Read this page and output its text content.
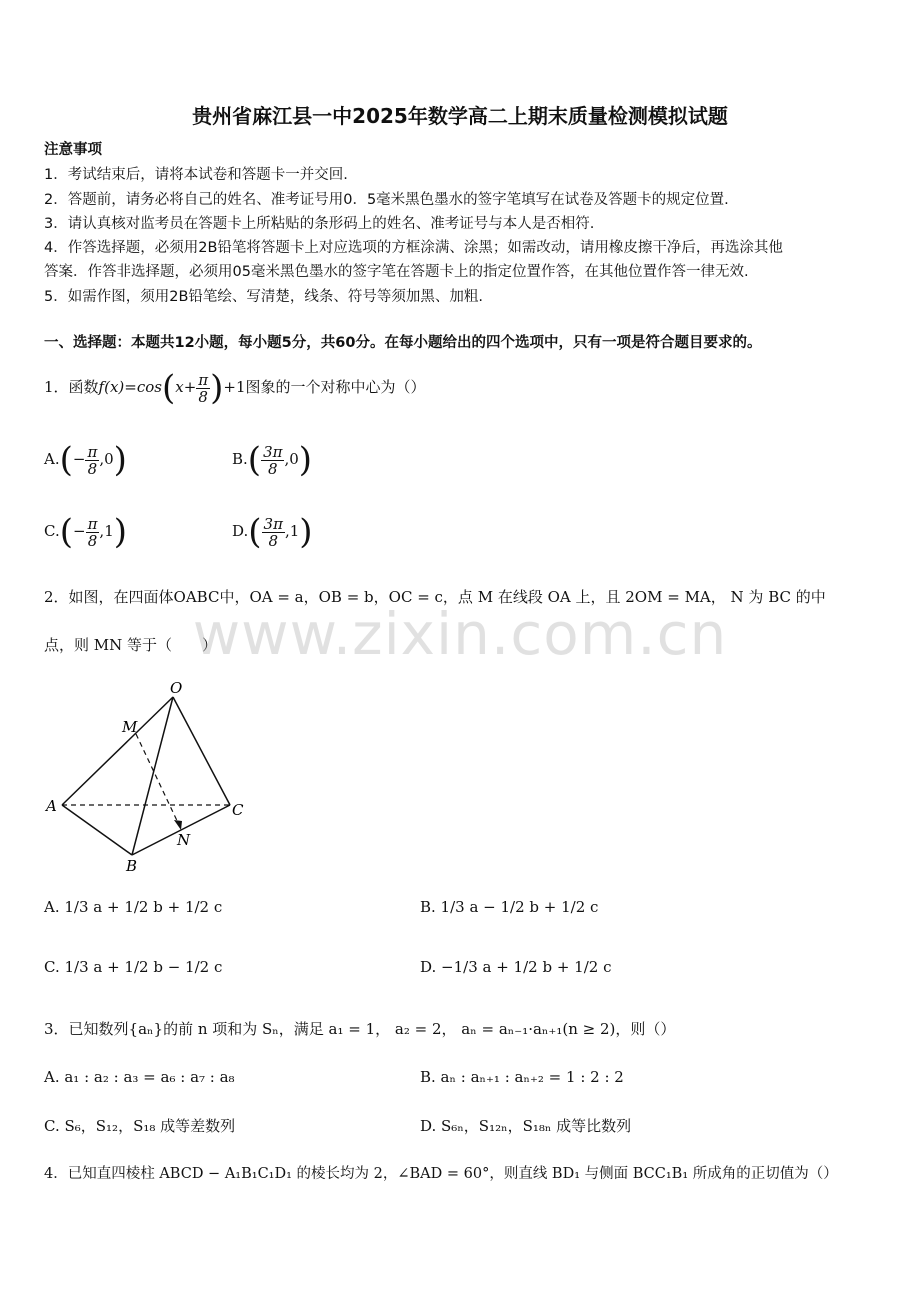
贵州省麻江县一中2025年数学高二上期末质量检测模拟试题
注意事项
1．考试结束后，请将本试卷和答题卡一并交回.
2．答题前，请务必将自己的姓名、准考证号用0．5毫米黑色墨水的签字笔填写在试卷及答题卡的规定位置.
3．请认真核对监考员在答题卡上所粘贴的条形码上的姓名、准考证号与本人是否相符.
4．作答选择题，必须用2B铅笔将答题卡上对应选项的方框涂满、涂黑；如需改动，请用橡皮擦干净后，再选涂其他
答案．作答非选择题，必须用05毫米黑色墨水的签字笔在答题卡上的指定位置作答，在其他位置作答一律无效.
5．如需作图，须用2B铅笔绘、写清楚，线条、符号等须加黑、加粗.
一、选择题：本题共12小题，每小题5分，共60分。在每小题给出的四个选项中，只有一项是符合题目要求的。
1．函数$f(x)=\cos(x+ \frac{\pi}{8} )+1$图象的一个对称中心为（）
$A.(- \frac{\pi}{8} ,0)$	$B.( \frac{3\pi}{8} ,0)$
$C.(- \frac{\pi}{8} ,1)$	$D.( \frac{3\pi}{8} ,1)$
2．如图，在四面体OABC中，OA = a，OB = b，OC = c，点 M 在线段 OA 上，且 2OM = MA， N 为 BC 的中
点，则 MN 等于（　　）
www.zixin.com.cn
O
M
A
B
C
N
A. 1/3 a + 1/2 b + 1/2 c	B. 1/3 a − 1/2 b + 1/2 c
C. 1/3 a + 1/2 b − 1/2 c	D. −1/3 a + 1/2 b + 1/2 c
3．已知数列{aₙ}的前 n 项和为 Sₙ，满足 a₁ = 1， a₂ = 2， aₙ = aₙ₋₁·aₙ₊₁(n ≥ 2)，则（）
A. a₁ : a₂ : a₃ = a₆ : a₇ : a₈	B. aₙ : aₙ₊₁ : aₙ₊₂ = 1 : 2 : 2
C. S₆，S₁₂，S₁₈ 成等差数列	D. S₆ₙ，S₁₂ₙ，S₁₈ₙ 成等比数列
4．已知直四棱柱 ABCD − A₁B₁C₁D₁ 的棱长均为 2，∠BAD = 60°，则直线 BD₁ 与侧面 BCC₁B₁ 所成角的正切值为（）
